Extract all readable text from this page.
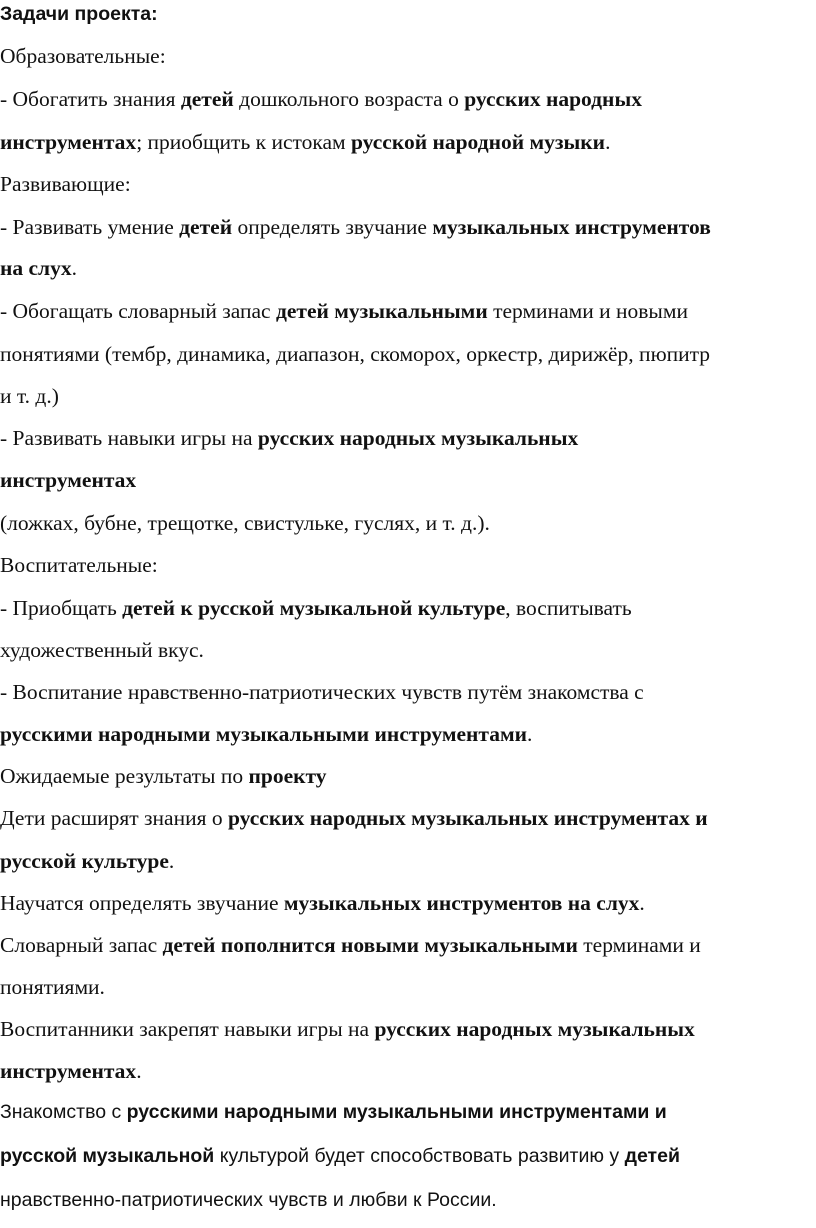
Задачи проекта:
Образовательные:
- Обогатить знания детей дошкольного возраста о русских народных
инструментах; приобщить к истокам русской народной музыки.
Развивающие:
- Развивать умение детей определять звучание музыкальных инструментов
на слух.
- Обогащать словарный запас детей музыкальными терминами и новыми
понятиями (тембр, динамика, диапазон, скоморох, оркестр, дирижёр, пюпитр
и т. д.)
- Развивать навыки игры на русских народных музыкальных
инструментах
(ложках, бубне, трещотке, свистульке, гуслях, и т. д.).
Воспитательные:
- Приобщать детей к русской музыкальной культуре, воспитывать
художественный вкус.
- Воспитание нравственно-патриотических чувств путём знакомства с
русскими народными музыкальными инструментами.
Ожидаемые результаты по проекту
Дети расширят знания о русских народных музыкальных инструментах и
русской культуре.
Научатся определять звучание музыкальных инструментов на слух.
Словарный запас детей пополнится новыми музыкальными терминами и
понятиями.
Воспитанники закрепят навыки игры на русских народных музыкальных
инструментах.
Знакомство с русскими народными музыкальными инструментами и
русской музыкальной культурой будет способствовать развитию у детей
нравственно-патриотических чувств и любви к России.
